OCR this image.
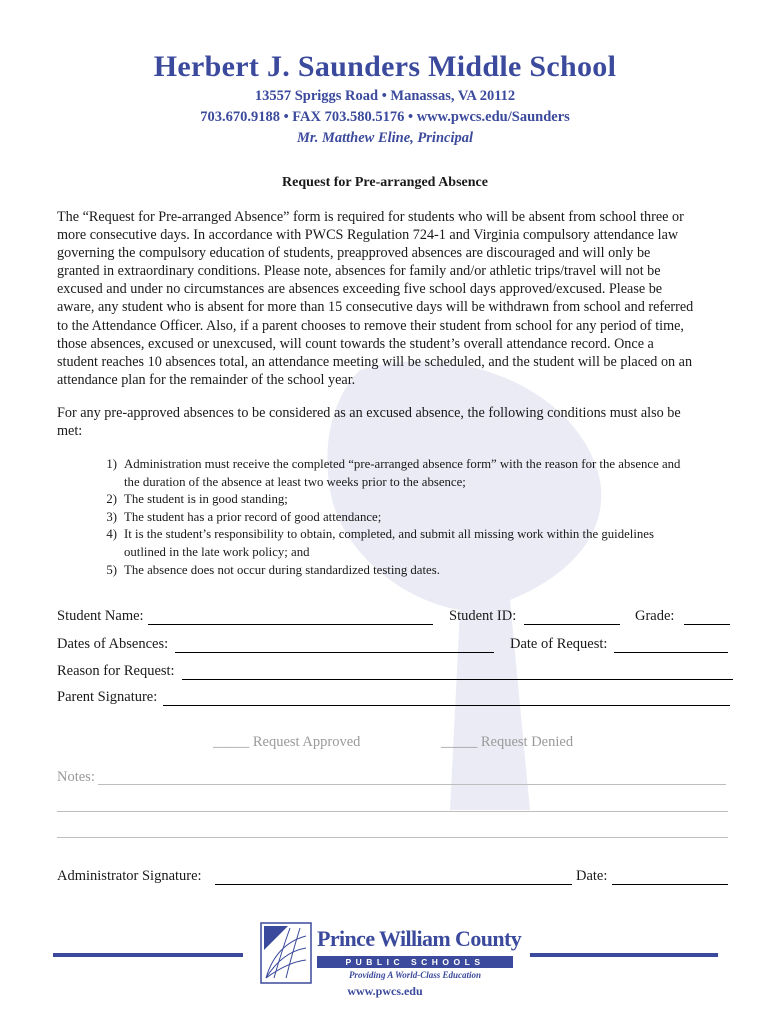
Herbert J. Saunders Middle School
13557 Spriggs Road • Manassas, VA 20112
703.670.9188 • FAX 703.580.5176 • www.pwcs.edu/Saunders
Mr. Matthew Eline, Principal
Request for Pre-arranged Absence
The “Request for Pre-arranged Absence” form is required for students who will be absent from school three or
more consecutive days. In accordance with PWCS Regulation 724-1 and Virginia compulsory attendance law
governing the compulsory education of students, preapproved absences are discouraged and will only be
granted in extraordinary conditions. Please note, absences for family and/or athletic trips/travel will not be
excused and under no circumstances are absences exceeding five school days approved/excused. Please be
aware, any student who is absent for more than 15 consecutive days will be withdrawn from school and referred
to the Attendance Officer. Also, if a parent chooses to remove their student from school for any period of time,
those absences, excused or unexcused, will count towards the student’s overall attendance record. Once a
student reaches 10 absences total, an attendance meeting will be scheduled, and the student will be placed on an
attendance plan for the remainder of the school year.
For any pre-approved absences to be considered as an excused absence, the following conditions must also be
met:
1) Administration must receive the completed “pre-arranged absence form” with the reason for the absence and
the duration of the absence at least two weeks prior to the absence;
2) The student is in good standing;
3) The student has a prior record of good attendance;
4) It is the student’s responsibility to obtain, completed, and submit all missing work within the guidelines
outlined in the late work policy; and
5) The absence does not occur during standardized testing dates.
Student Name:	Student ID:	Grade:
Dates of Absences:	Date of Request:
Reason for Request:
Parent Signature:
_____ Request Approved	_____ Request Denied
Notes:
Administrator Signature:	Date:
Prince William County
PUBLIC SCHOOLS
Providing A World-Class Education
www.pwcs.edu
